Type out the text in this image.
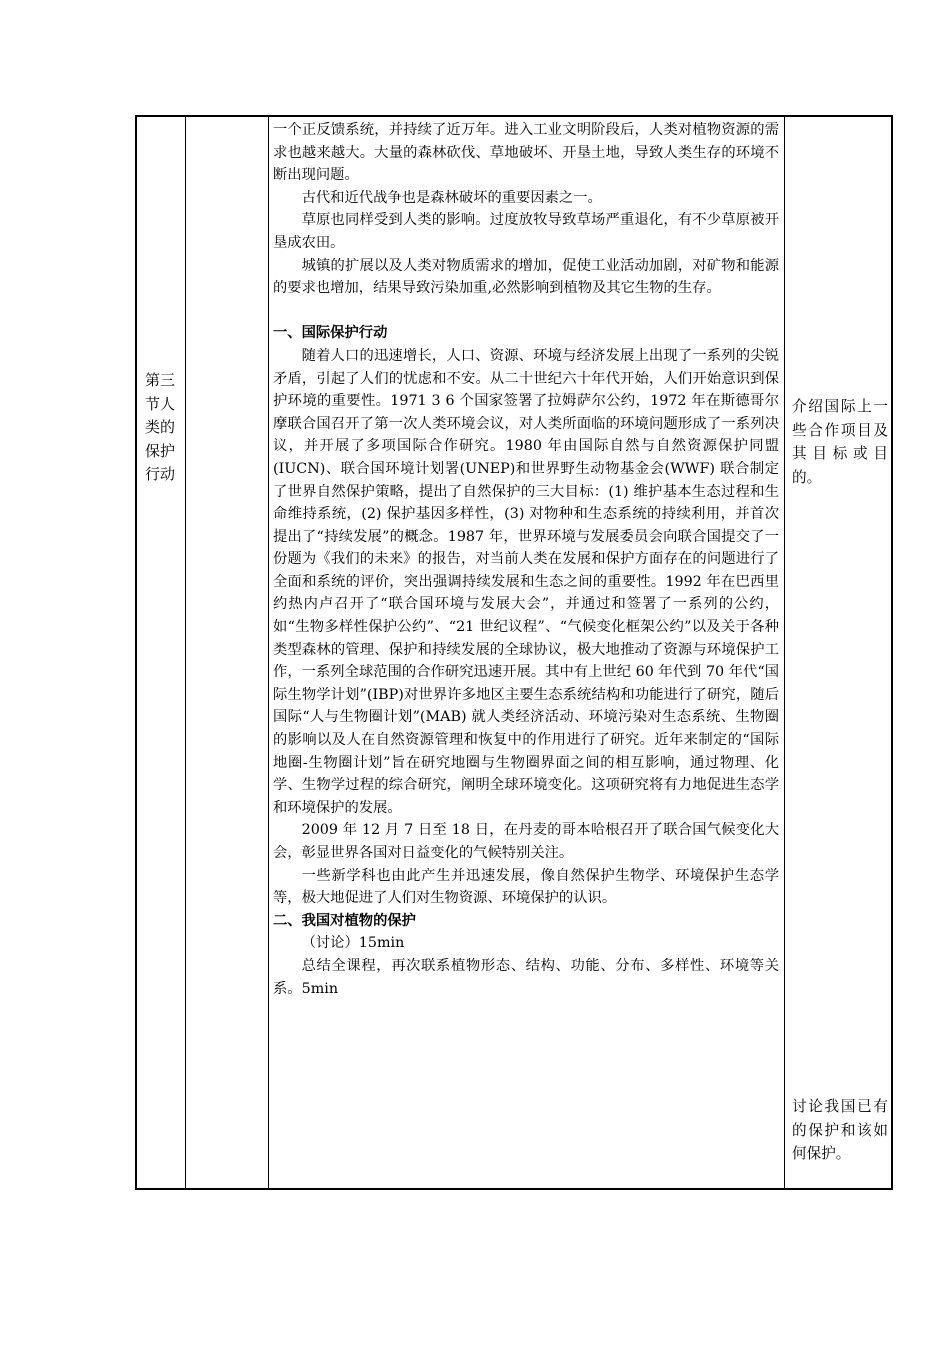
第三节人类的保护行动

一个正反馈系统，并持续了近万年。进入工业文明阶段后，人类对植物资源的需求也越来越大。大量的森林砍伐、草地破坏、开垦土地，导致人类生存的环境不断出现问题。

古代和近代战争也是森林破坏的重要因素之一。

草原也同样受到人类的影响。过度放牧导致草场严重退化，有不少草原被开垦成农田。

城镇的扩展以及人类对物质需求的增加，促使工业活动加剧，对矿物和能源的要求也增加，结果导致污染加重,必然影响到植物及其它生物的生存。

一、国际保护行动

随着人口的迅速增长，人口、资源、环境与经济发展上出现了一系列的尖锐矛盾，引起了人们的忧虑和不安。从二十世纪六十年代开始，人们开始意识到保护环境的重要性。1971 3 6 个国家签署了拉姆萨尔公约，1972 年在斯德哥尔摩联合国召开了第一次人类环境会议，对人类所面临的环境问题形成了一系列决议，并开展了多项国际合作研究。1980 年由国际自然与自然资源保护同盟(IUCN)、联合国环境计划署(UNEP)和世界野生动物基金会(WWF) 联合制定了世界自然保护策略，提出了自然保护的三大目标：(1) 维护基本生态过程和生命维持系统，(2) 保护基因多样性，(3) 对物种和生态系统的持续利用，并首次提出了“持续发展”的概念。1987 年，世界环境与发展委员会向联合国提交了一份题为《我们的未来》的报告，对当前人类在发展和保护方面存在的问题进行了全面和系统的评价，突出强调持续发展和生态之间的重要性。1992 年在巴西里约热内卢召开了“联合国环境与发展大会”，并通过和签署了一系列的公约，如“生物多样性保护公约”、“21 世纪议程”、“气候变化框架公约”以及关于各种类型森林的管理、保护和持续发展的全球协议，极大地推动了资源与环境保护工作，一系列全球范围的合作研究迅速开展。其中有上世纪 60 年代到 70 年代“国际生物学计划”(IBP)对世界许多地区主要生态系统结构和功能进行了研究，随后国际“人与生物圈计划”(MAB) 就人类经济活动、环境污染对生态系统、生物圈的影响以及人在自然资源管理和恢复中的作用进行了研究。近年来制定的“国际地圈-生物圈计划”旨在研究地圈与生物圈界面之间的相互影响，通过物理、化学、生物学过程的综合研究，阐明全球环境变化。这项研究将有力地促进生态学和环境保护的发展。

2009 年 12 月 7 日至 18 日，在丹麦的哥本哈根召开了联合国气候变化大会，彰显世界各国对日益变化的气候特别关注。

一些新学科也由此产生并迅速发展，像自然保护生物学、环境保护生态学等，极大地促进了人们对生物资源、环境保护的认识。

二、我国对植物的保护

（讨论）15min

总结全课程，再次联系植物形态、结构、功能、分布、多样性、环境等关系。5min

介绍国际上一些合作项目及其目标或目的。
讨论我国已有的保护和该如何保护。
